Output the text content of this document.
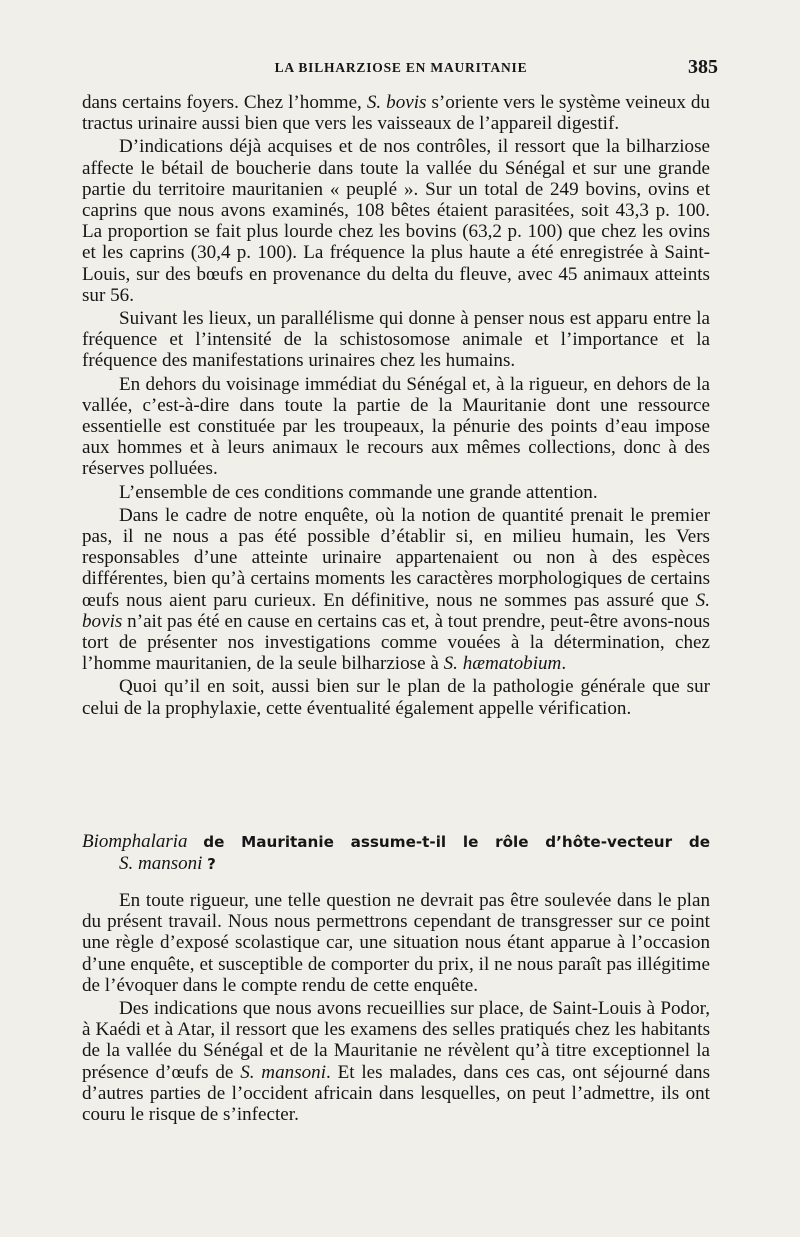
LA BILHARZIOSE EN MAURITANIE	385

dans certains foyers. Chez l’homme, S. bovis s’oriente vers le système veineux du tractus urinaire aussi bien que vers les vaisseaux de l’appareil digestif.

D’indications déjà acquises et de nos contrôles, il ressort que la bilharziose affecte le bétail de boucherie dans toute la vallée du Sénégal et sur une grande partie du territoire mauritanien « peuplé ». Sur un total de 249 bovins, ovins et caprins que nous avons examinés, 108 bêtes étaient parasitées, soit 43,3 p. 100. La proportion se fait plus lourde chez les bovins (63,2 p. 100) que chez les ovins et les caprins (30,4 p. 100). La fréquence la plus haute a été enregistrée à Saint-Louis, sur des bœufs en provenance du delta du fleuve, avec 45 animaux atteints sur 56.

Suivant les lieux, un parallélisme qui donne à penser nous est apparu entre la fréquence et l’intensité de la schistosomose animale et l’importance et la fréquence des manifestations urinaires chez les humains.

En dehors du voisinage immédiat du Sénégal et, à la rigueur, en dehors de la vallée, c’est-à-dire dans toute la partie de la Mauritanie dont une ressource essentielle est constituée par les troupeaux, la pénurie des points d’eau impose aux hommes et à leurs animaux le recours aux mêmes collections, donc à des réserves polluées.

L’ensemble de ces conditions commande une grande attention.

Dans le cadre de notre enquête, où la notion de quantité prenait le premier pas, il ne nous a pas été possible d’établir si, en milieu humain, les Vers responsables d’une atteinte urinaire appartenaient ou non à des espèces différentes, bien qu’à certains moments les caractères morphologiques de certains œufs nous aient paru curieux. En définitive, nous ne sommes pas assuré que S. bovis n’ait pas été en cause en certains cas et, à tout prendre, peut-être avons-nous tort de présenter nos investigations comme vouées à la détermination, chez l’homme mauritanien, de la seule bilharziose à S. hæmatobium.

Quoi qu’il en soit, aussi bien sur le plan de la pathologie générale que sur celui de la prophylaxie, cette éventualité également appelle vérification.

Biomphalaria de Mauritanie assume-t-il le rôle d’hôte-vecteur de
S. mansoni ?

En toute rigueur, une telle question ne devrait pas être soulevée dans le plan du présent travail. Nous nous permettrons cependant de transgresser sur ce point une règle d’exposé scolastique car, une situation nous étant apparue à l’occasion d’une enquête, et susceptible de comporter du prix, il ne nous paraît pas illégitime de l’évoquer dans le compte rendu de cette enquête.

Des indications que nous avons recueillies sur place, de Saint-Louis à Podor, à Kaédi et à Atar, il ressort que les examens des selles pratiqués chez les habitants de la vallée du Sénégal et de la Mauritanie ne révèlent qu’à titre exceptionnel la présence d’œufs de S. mansoni. Et les malades, dans ces cas, ont séjourné dans d’autres parties de l’occident africain dans lesquelles, on peut l’admettre, ils ont couru le risque de s’infecter.
